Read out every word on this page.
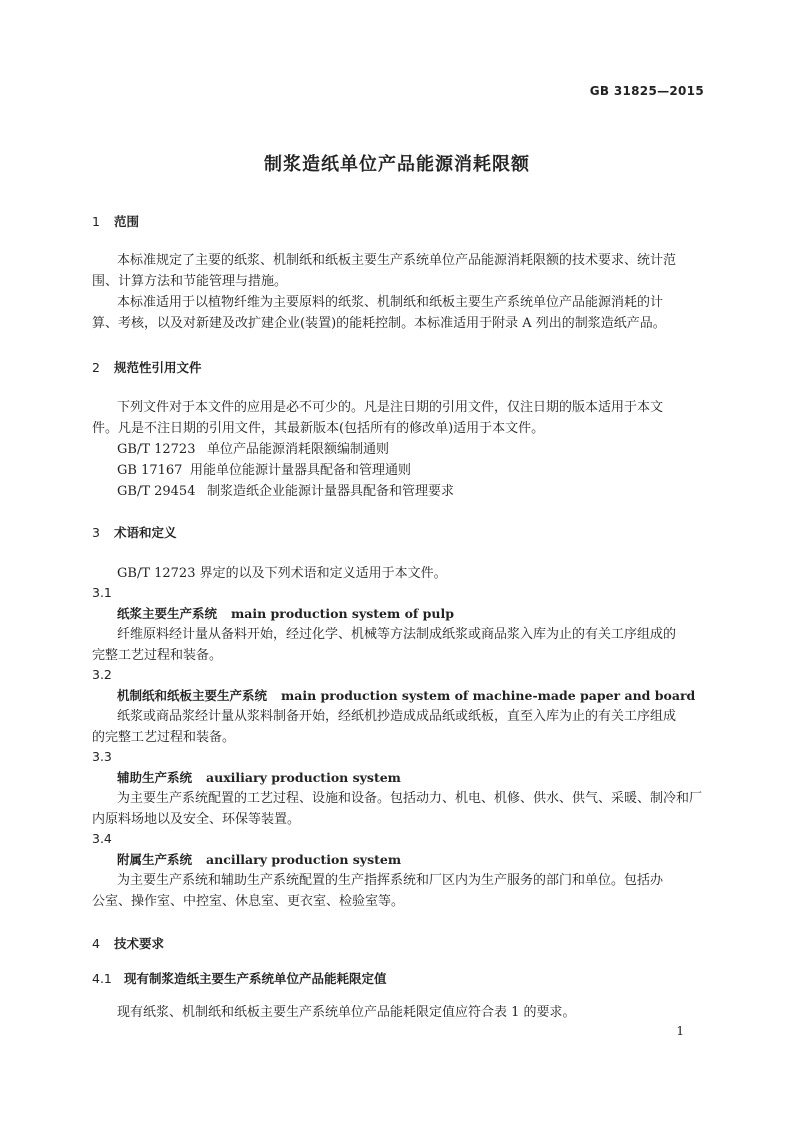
GB 31825—2015
制浆造纸单位产品能源消耗限额
1 范围
本标准规定了主要的纸浆、机制纸和纸板主要生产系统单位产品能源消耗限额的技术要求、统计范
围、计算方法和节能管理与措施。
本标准适用于以植物纤维为主要原料的纸浆、机制纸和纸板主要生产系统单位产品能源消耗的计
算、考核，以及对新建及改扩建企业(装置)的能耗控制。本标准适用于附录 A 列出的制浆造纸产品。
2 规范性引用文件
下列文件对于本文件的应用是必不可少的。凡是注日期的引用文件，仅注日期的版本适用于本文
件。凡是不注日期的引用文件，其最新版本(包括所有的修改单)适用于本文件。
GB/T 12723 单位产品能源消耗限额编制通则
GB 17167 用能单位能源计量器具配备和管理通则
GB/T 29454 制浆造纸企业能源计量器具配备和管理要求
3 术语和定义
GB/T 12723 界定的以及下列术语和定义适用于本文件。
3.1
纸浆主要生产系统 main production system of pulp
纤维原料经计量从备料开始，经过化学、机械等方法制成纸浆或商品浆入库为止的有关工序组成的
完整工艺过程和装备。
3.2
机制纸和纸板主要生产系统 main production system of machine-made paper and board
纸浆或商品浆经计量从浆料制备开始，经纸机抄造成成品纸或纸板，直至入库为止的有关工序组成
的完整工艺过程和装备。
3.3
辅助生产系统 auxiliary production system
为主要生产系统配置的工艺过程、设施和设备。包括动力、机电、机修、供水、供气、采暖、制冷和厂
内原料场地以及安全、环保等装置。
3.4
附属生产系统 ancillary production system
为主要生产系统和辅助生产系统配置的生产指挥系统和厂区内为生产服务的部门和单位。包括办
公室、操作室、中控室、休息室、更衣室、检验室等。
4 技术要求
4.1 现有制浆造纸主要生产系统单位产品能耗限定值
现有纸浆、机制纸和纸板主要生产系统单位产品能耗限定值应符合表 1 的要求。
1
